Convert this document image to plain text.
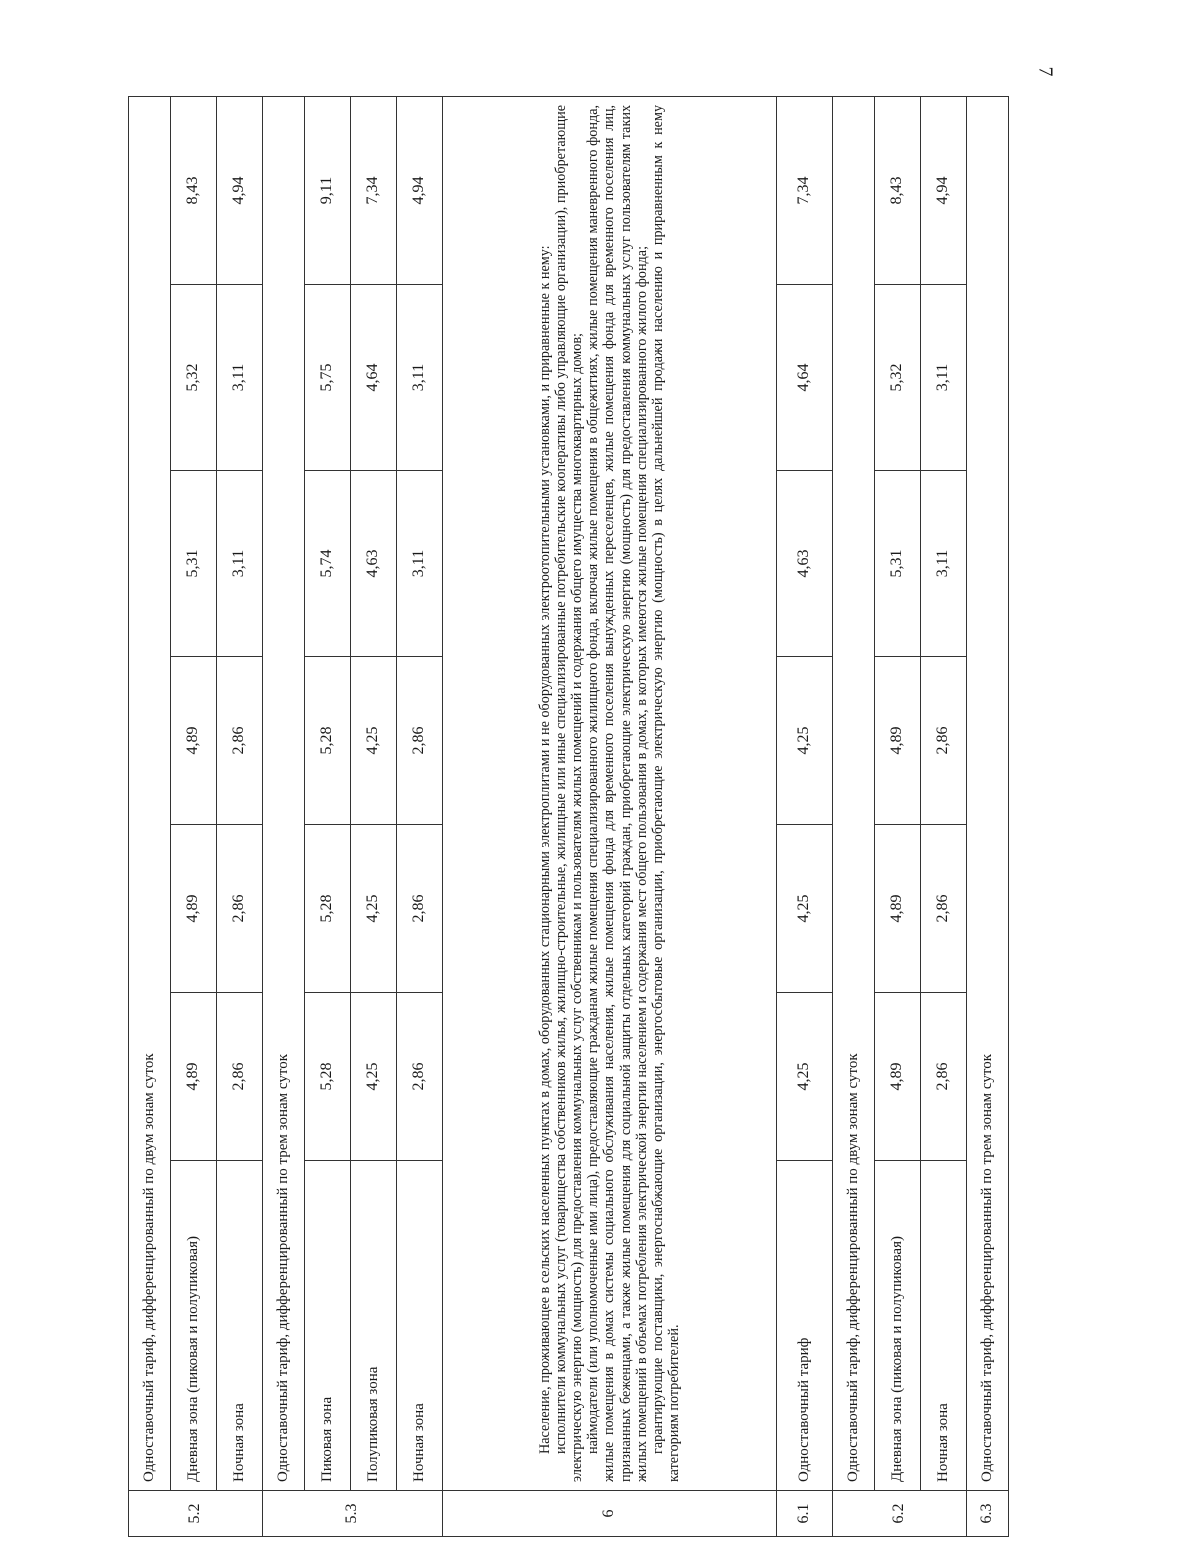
7
5.2	Одноставочный тариф, дифференцированный по двум зонам суток						
	Дневная зона (пиковая и полупиковая)	4,89	4,89	4,89	5,31	5,32	8,43
	Ночная зона	2,86	2,86	2,86	3,11	3,11	4,94
5.3	Одноставочный тариф, дифференцированный по трем зонам суток						
	Пиковая зона	5,28	5,28	5,28	5,74	5,75	9,11
	Полупиковая зона	4,25	4,25	4,25	4,63	4,64	7,34
	Ночная зона	2,86	2,86	2,86	3,11	3,11	4,94
6	Население, проживающее в сельских населенных пунктах в домах, оборудованных стационарными электроплитами и не оборудованных электроотопительными установками, и приравненные к нему: исполнители коммунальных услуг (товарищества собственников жилья, жилищно-строительные, жилищные или иные специализированные потребительские кооперативы либо управляющие организации), приобретающие электрическую энергию (мощность) для предоставления коммунальных услуг собственникам и пользователям жилых помещений и содержания общего имущества многоквартирных домов; наймодатели (или уполномоченные ими лица), предоставляющие гражданам жилые помещения специализированного жилищного фонда, включая жилые помещения в общежитиях, жилые помещения маневренного фонда, жилые помещения в домах системы социального обслуживания населения, жилые помещения фонда для временного поселения вынужденных переселенцев, жилые помещения фонда для временного поселения лиц, признанных беженцами, а также жилые помещения для социальной защиты отдельных категорий граждан, приобретающие электрическую энергию (мощность) для предоставления коммунальных услуг пользователям таких жилых помещений в объемах потребления электрической энергии населением и содержания мест общего пользования в домах, в которых имеются жилые помещения специализированного жилого фонда; гарантирующие поставщики, энергоснабжающие организации, энергосбытовые организации, приобретающие электрическую энергию (мощность) в целях дальнейшей продажи населению и приравненным к нему категориям потребителей.						

6.1	Одноставочный тариф	4,25	4,25	4,25	4,63	4,64	7,34
6.2	Одноставочный тариф, дифференцированный по двум зонам суток						
	Дневная зона (пиковая и полупиковая)	4,89	4,89	4,89	5,31	5,32	8,43
	Ночная зона	2,86	2,86	2,86	3,11	3,11	4,94
6.3	Одноставочный тариф, дифференцированный по трем зонам суток						
